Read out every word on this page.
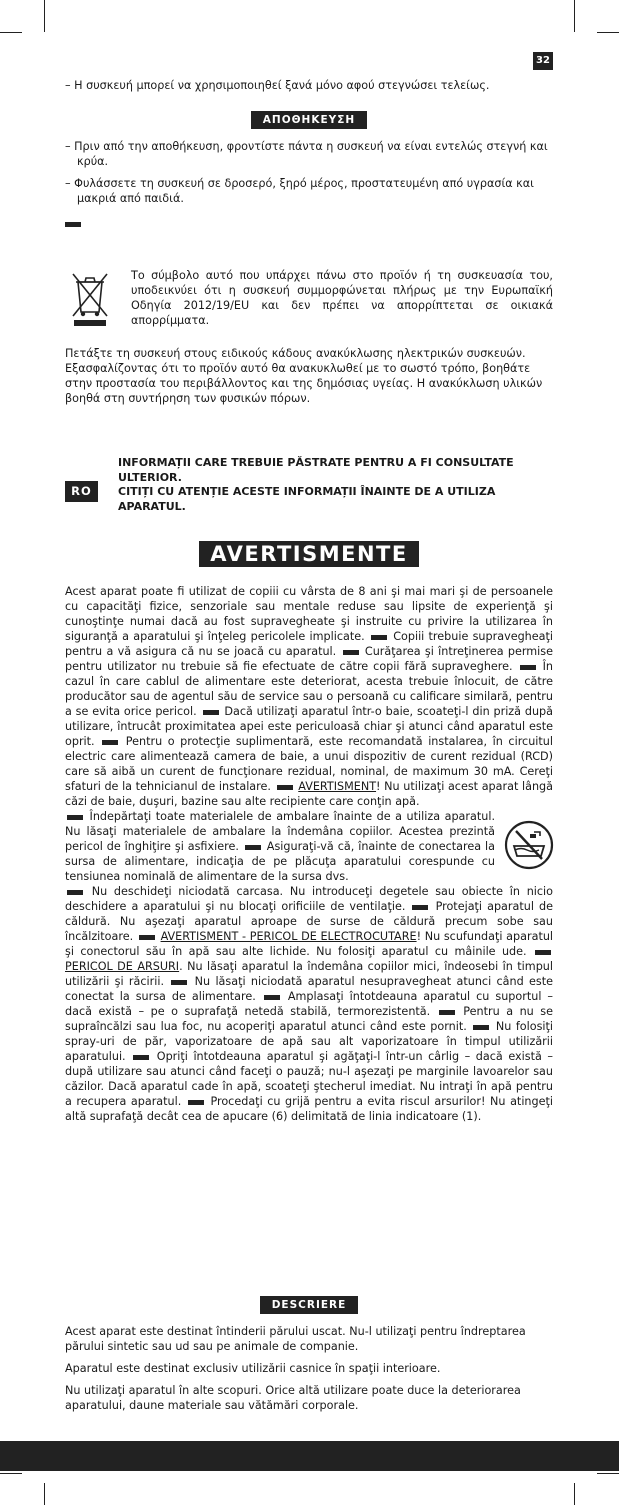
32

– Η συσκευή μπορεί να χρησιμοποιηθεί ξανά μόνο αφού στεγνώσει τελείως.

ΑΠΟΘΗΚΕΥΣΗ

– Πριν από την αποθήκευση, φροντίστε πάντα η συσκευή να είναι εντελώς στεγνή και κρύα.

– Φυλάσσετε τη συσκευή σε δροσερό, ξηρό μέρος, προστατευμένη από υγρασία και μακριά από παιδιά.

Το σύμβολο αυτό που υπάρχει πάνω στο προϊόν ή τη συσκευασία του, υποδεικνύει ότι η συσκευή συμμορφώνεται πλήρως με την Ευρωπαϊκή Οδηγία 2012/19/EU και δεν πρέπει να απορρίπτεται σε οικιακά απορρίμματα.

Πετάξτε τη συσκευή στους ειδικούς κάδους ανακύκλωσης ηλεκτρικών συσκευών.

Εξασφαλίζοντας ότι το προϊόν αυτό θα ανακυκλωθεί με το σωστό τρόπο, βοηθάτε στην προστασία του περιβάλλοντος και της δημόσιας υγείας. Η ανακύκλωση υλικών βοηθά στη συντήρηση των φυσικών πόρων.

RO
INFORMAȚII CARE TREBUIE PĂSTRATE PENTRU A FI CONSULTATE ULTERIOR.
CITIȚI CU ATENȚIE ACESTE INFORMAȚII ÎNAINTE DE A UTILIZA APARATUL.
AVERTISMENTE

Acest aparat poate fi utilizat de copiii cu vârsta de 8 ani şi mai mari şi de persoanele cu capacităţi fizice, senzoriale sau mentale reduse sau lipsite de experienţă şi cunoştinţe numai dacă au fost supravegheate şi instruite cu privire la utilizarea în siguranţă a aparatului şi înţeleg pericolele implicate.	Copiii trebuie supravegheaţi pentru a vă asigura că nu se joacă cu aparatul.	Curăţarea şi întreţinerea permise pentru utilizator nu trebuie să fie efectuate de către copii fără supraveghere.	În cazul în care cablul de alimentare este deteriorat, acesta trebuie înlocuit, de către producător sau de agentul său de service sau o persoană cu calificare similară, pentru a se evita orice pericol. Dacă utilizaţi aparatul într-o baie, scoateţi-l din priză după utilizare, întrucât proximitatea apei este periculoasă chiar şi atunci când aparatul este oprit.	Pentru o protecţie suplimentară, este recomandată instalarea, în circuitul electric care alimentează camera de baie, a unui dispozitiv de curent rezidual (RCD) care să aibă un curent de funcţionare rezidual, nominal, de maximum 30 mA. Cereţi sfaturi de la tehnicianul de instalare. AVERTISMENT! Nu utilizaţi acest aparat lângă căzi de baie, duşuri, bazine sau alte recipiente care conţin apă.

Îndepărtaţi toate materialele de ambalare înainte de a utiliza aparatul. Nu lăsaţi materialele de ambalare la îndemâna copiilor. Acestea prezintă pericol de înghiţire şi asfixiere. Asiguraţi-vă că, înainte de conectarea la sursa de alimentare, indicaţia de pe plăcuţa aparatului corespunde cu tensiunea nominală de alimentare de la sursa dvs.

Nu deschideţi niciodată carcasa. Nu introduceţi degetele sau obiecte în nicio deschidere a aparatului şi nu blocaţi orificiile de ventilaţie.	Protejaţi aparatul de căldură. Nu aşezaţi aparatul aproape de surse de căldură precum sobe sau încălzitoare. AVERTISMENT - PERICOL DE ELECTROCUTARE! Nu scufundaţi aparatul şi conectorul său în apă sau alte lichide. Nu folosiţi aparatul cu mâinile ude.  PERICOL DE ARSURI. Nu lăsaţi aparatul la îndemâna copiilor mici, îndeosebi în timpul utilizării şi răcirii.	Nu lăsaţi niciodată aparatul nesupravegheat atunci când este conectat la sursa de alimentare.	Amplasaţi întotdeauna aparatul cu suportul – dacă există – pe o suprafaţă netedă stabilă, termorezistentă.	Pentru a nu se supraîncălzi sau lua foc, nu acoperiţi aparatul atunci când este pornit.	Nu folosiţi spray-uri de păr, vaporizatoare de apă sau alt vaporizatoare în timpul utilizării aparatului.	Opriţi întotdeauna aparatul şi agăţaţi-l într-un cârlig – dacă există – după utilizare sau atunci când faceţi o pauză; nu-l aşezaţi pe marginile lavoarelor sau căzilor. Dacă aparatul cade în apă, scoateţi ştecherul imediat. Nu intraţi în apă pentru a recupera aparatul.	Procedaţi cu grijă pentru a evita riscul arsurilor! Nu atingeţi altă suprafaţă decât cea de apucare (6) delimitată de linia indicatoare (1).

DESCRIERE

Acest aparat este destinat întinderii părului uscat. Nu-l utilizaţi pentru îndreptarea părului sintetic sau ud sau pe animale de companie.

Aparatul este destinat exclusiv utilizării casnice în spaţii interioare.

Nu utilizaţi aparatul în alte scopuri. Orice altă utilizare poate duce la deteriorarea aparatului, daune materiale sau vătămări corporale.
